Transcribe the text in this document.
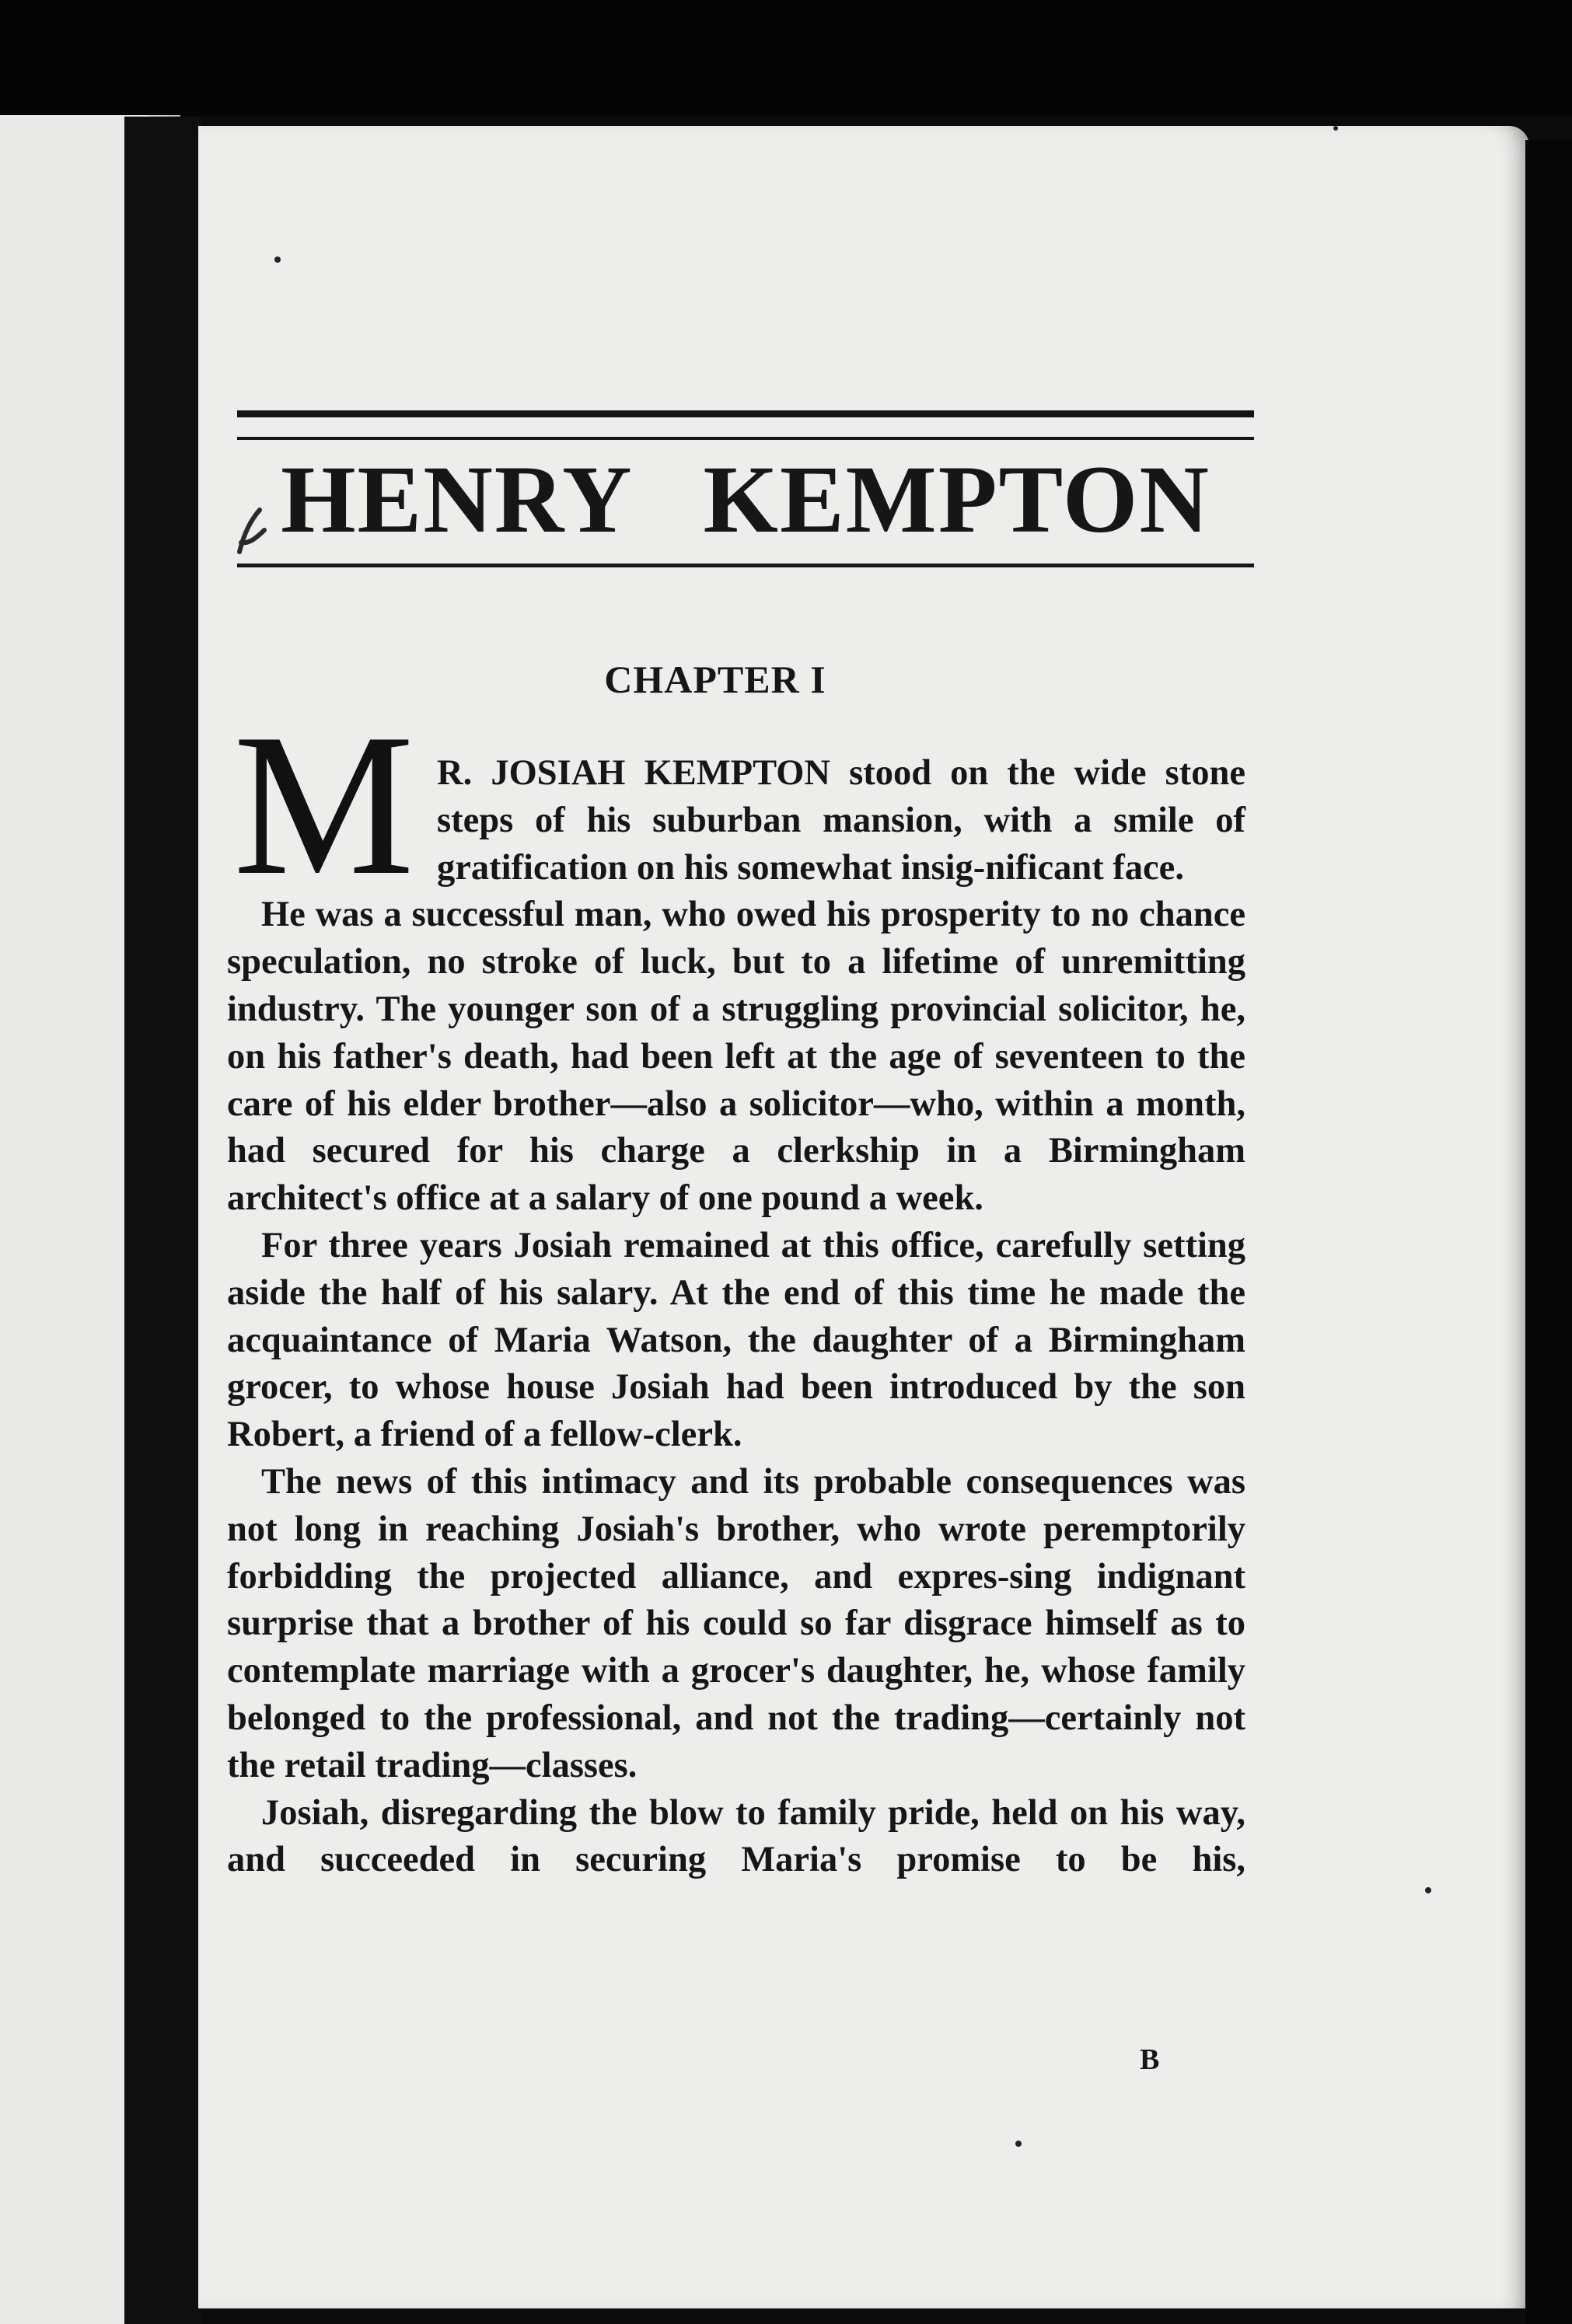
HENRY KEMPTON
CHAPTER I
M R. JOSIAH KEMPTON stood on the wide stone steps of his suburban mansion, with a smile of gratification on his somewhat insig-nificant face.

He was a successful man, who owed his prosperity to no chance speculation, no stroke of luck, but to a lifetime of unremitting industry. The younger son of a struggling provincial solicitor, he, on his father's death, had been left at the age of seventeen to the care of his elder brother—also a solicitor—who, within a month, had secured for his charge a clerkship in a Birmingham architect's office at a salary of one pound a week.

For three years Josiah remained at this office, carefully setting aside the half of his salary. At the end of this time he made the acquaintance of Maria Watson, the daughter of a Birmingham grocer, to whose house Josiah had been introduced by the son Robert, a friend of a fellow-clerk.

The news of this intimacy and its probable consequences was not long in reaching Josiah's brother, who wrote peremptorily forbidding the projected alliance, and expres-sing indignant surprise that a brother of his could so far disgrace himself as to contemplate marriage with a grocer's daughter, he, whose family belonged to the professional, and not the trading—certainly not the retail trading—classes.

Josiah, disregarding the blow to family pride, held on his way, and succeeded in securing Maria's promise to be his,

B
